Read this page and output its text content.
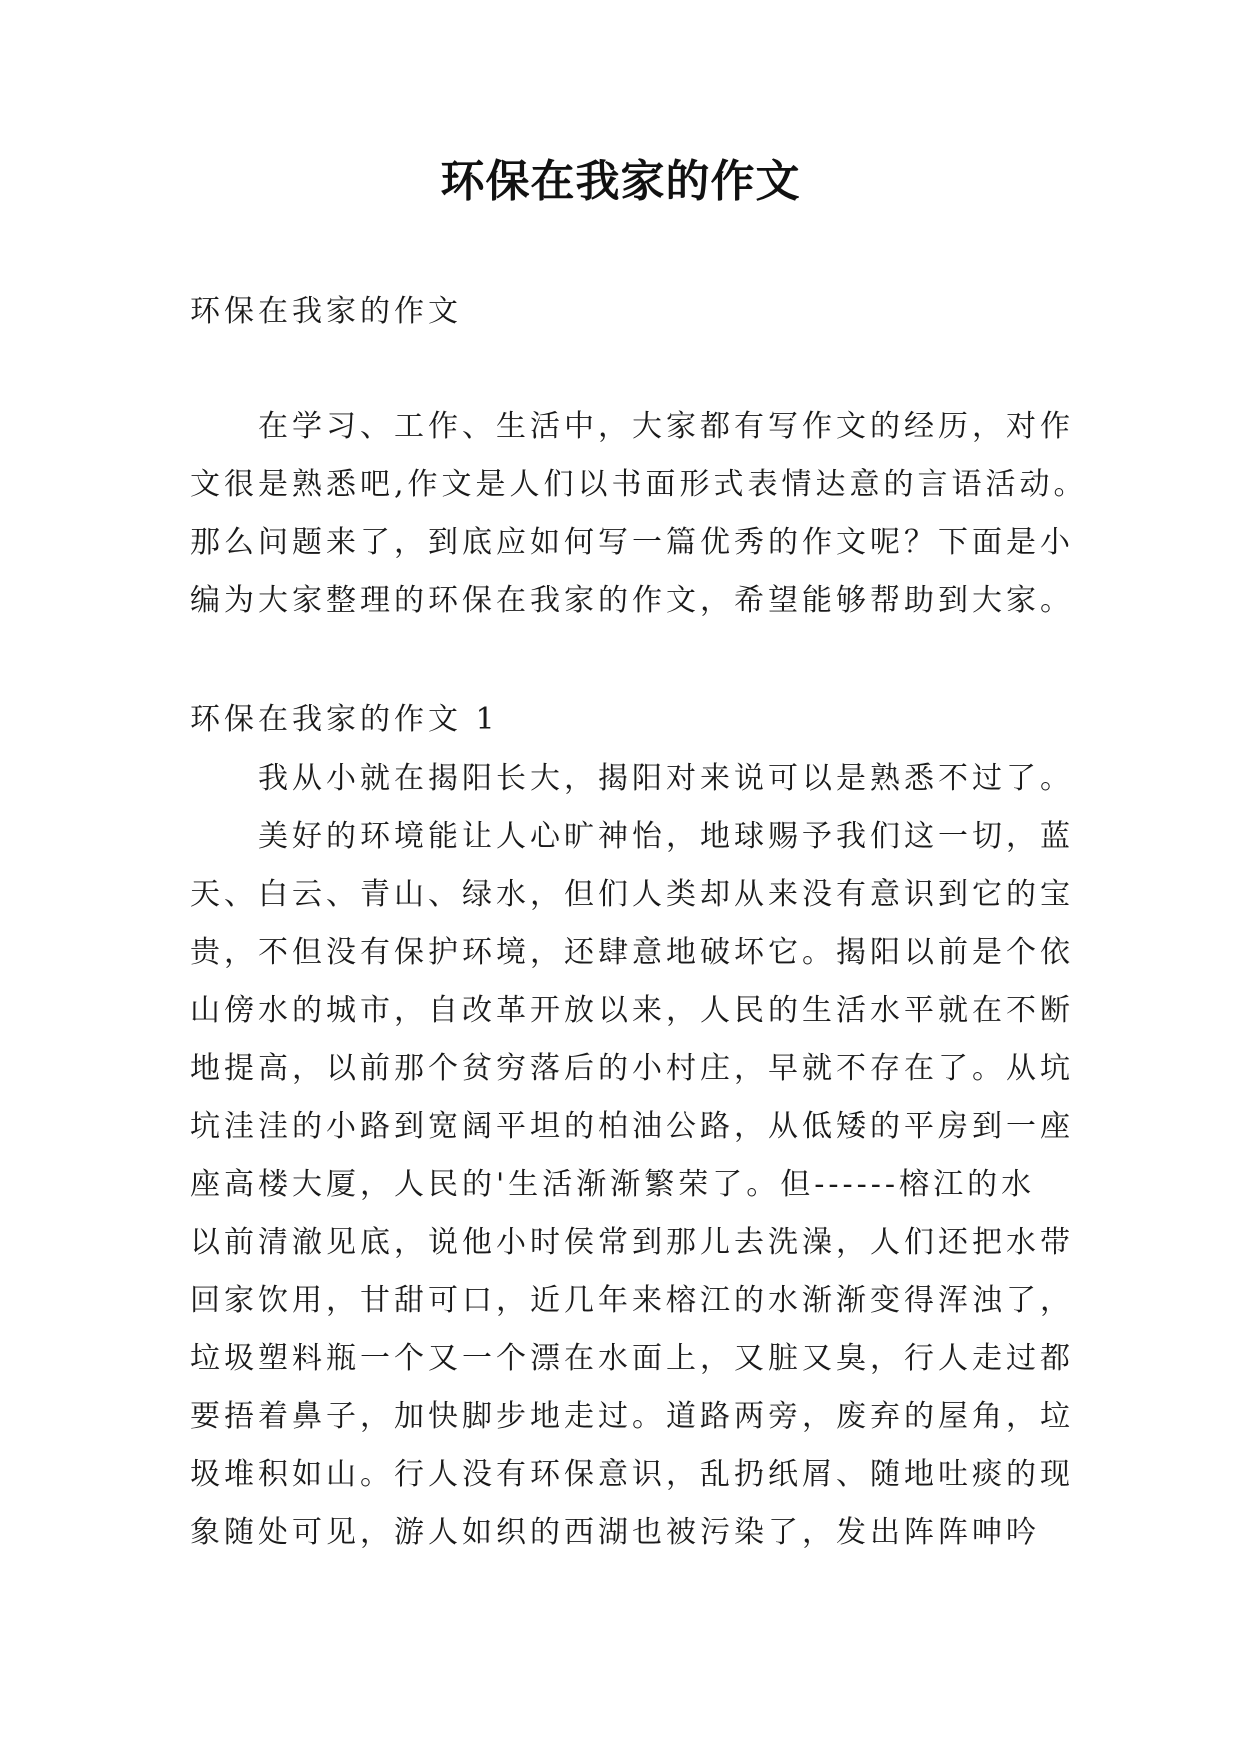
环保在我家的作文
环保在我家的作文
在学习、工作、生活中，大家都有写作文的经历，对作
文很是熟悉吧,作文是人们以书面形式表情达意的言语活动。
那么问题来了，到底应如何写一篇优秀的作文呢？下面是小
编为大家整理的环保在我家的作文，希望能够帮助到大家。
环保在我家的作文 1
我从小就在揭阳长大，揭阳对来说可以是熟悉不过了。
美好的环境能让人心旷神怡，地球赐予我们这一切，蓝
天、白云、青山、绿水，但们人类却从来没有意识到它的宝
贵，不但没有保护环境，还肆意地破坏它。揭阳以前是个依
山傍水的城市，自改革开放以来，人民的生活水平就在不断
地提高，以前那个贫穷落后的小村庄，早就不存在了。从坑
坑洼洼的小路到宽阔平坦的柏油公路，从低矮的平房到一座
座高楼大厦，人民的'生活渐渐繁荣了。但------榕江的水
以前清澈见底，说他小时侯常到那儿去洗澡，人们还把水带
回家饮用，甘甜可口，近几年来榕江的水渐渐变得浑浊了，
垃圾塑料瓶一个又一个漂在水面上，又脏又臭，行人走过都
要捂着鼻子，加快脚步地走过。道路两旁，废弃的屋角，垃
圾堆积如山。行人没有环保意识，乱扔纸屑、随地吐痰的现
象随处可见，游人如织的西湖也被污染了，发出阵阵呻吟
